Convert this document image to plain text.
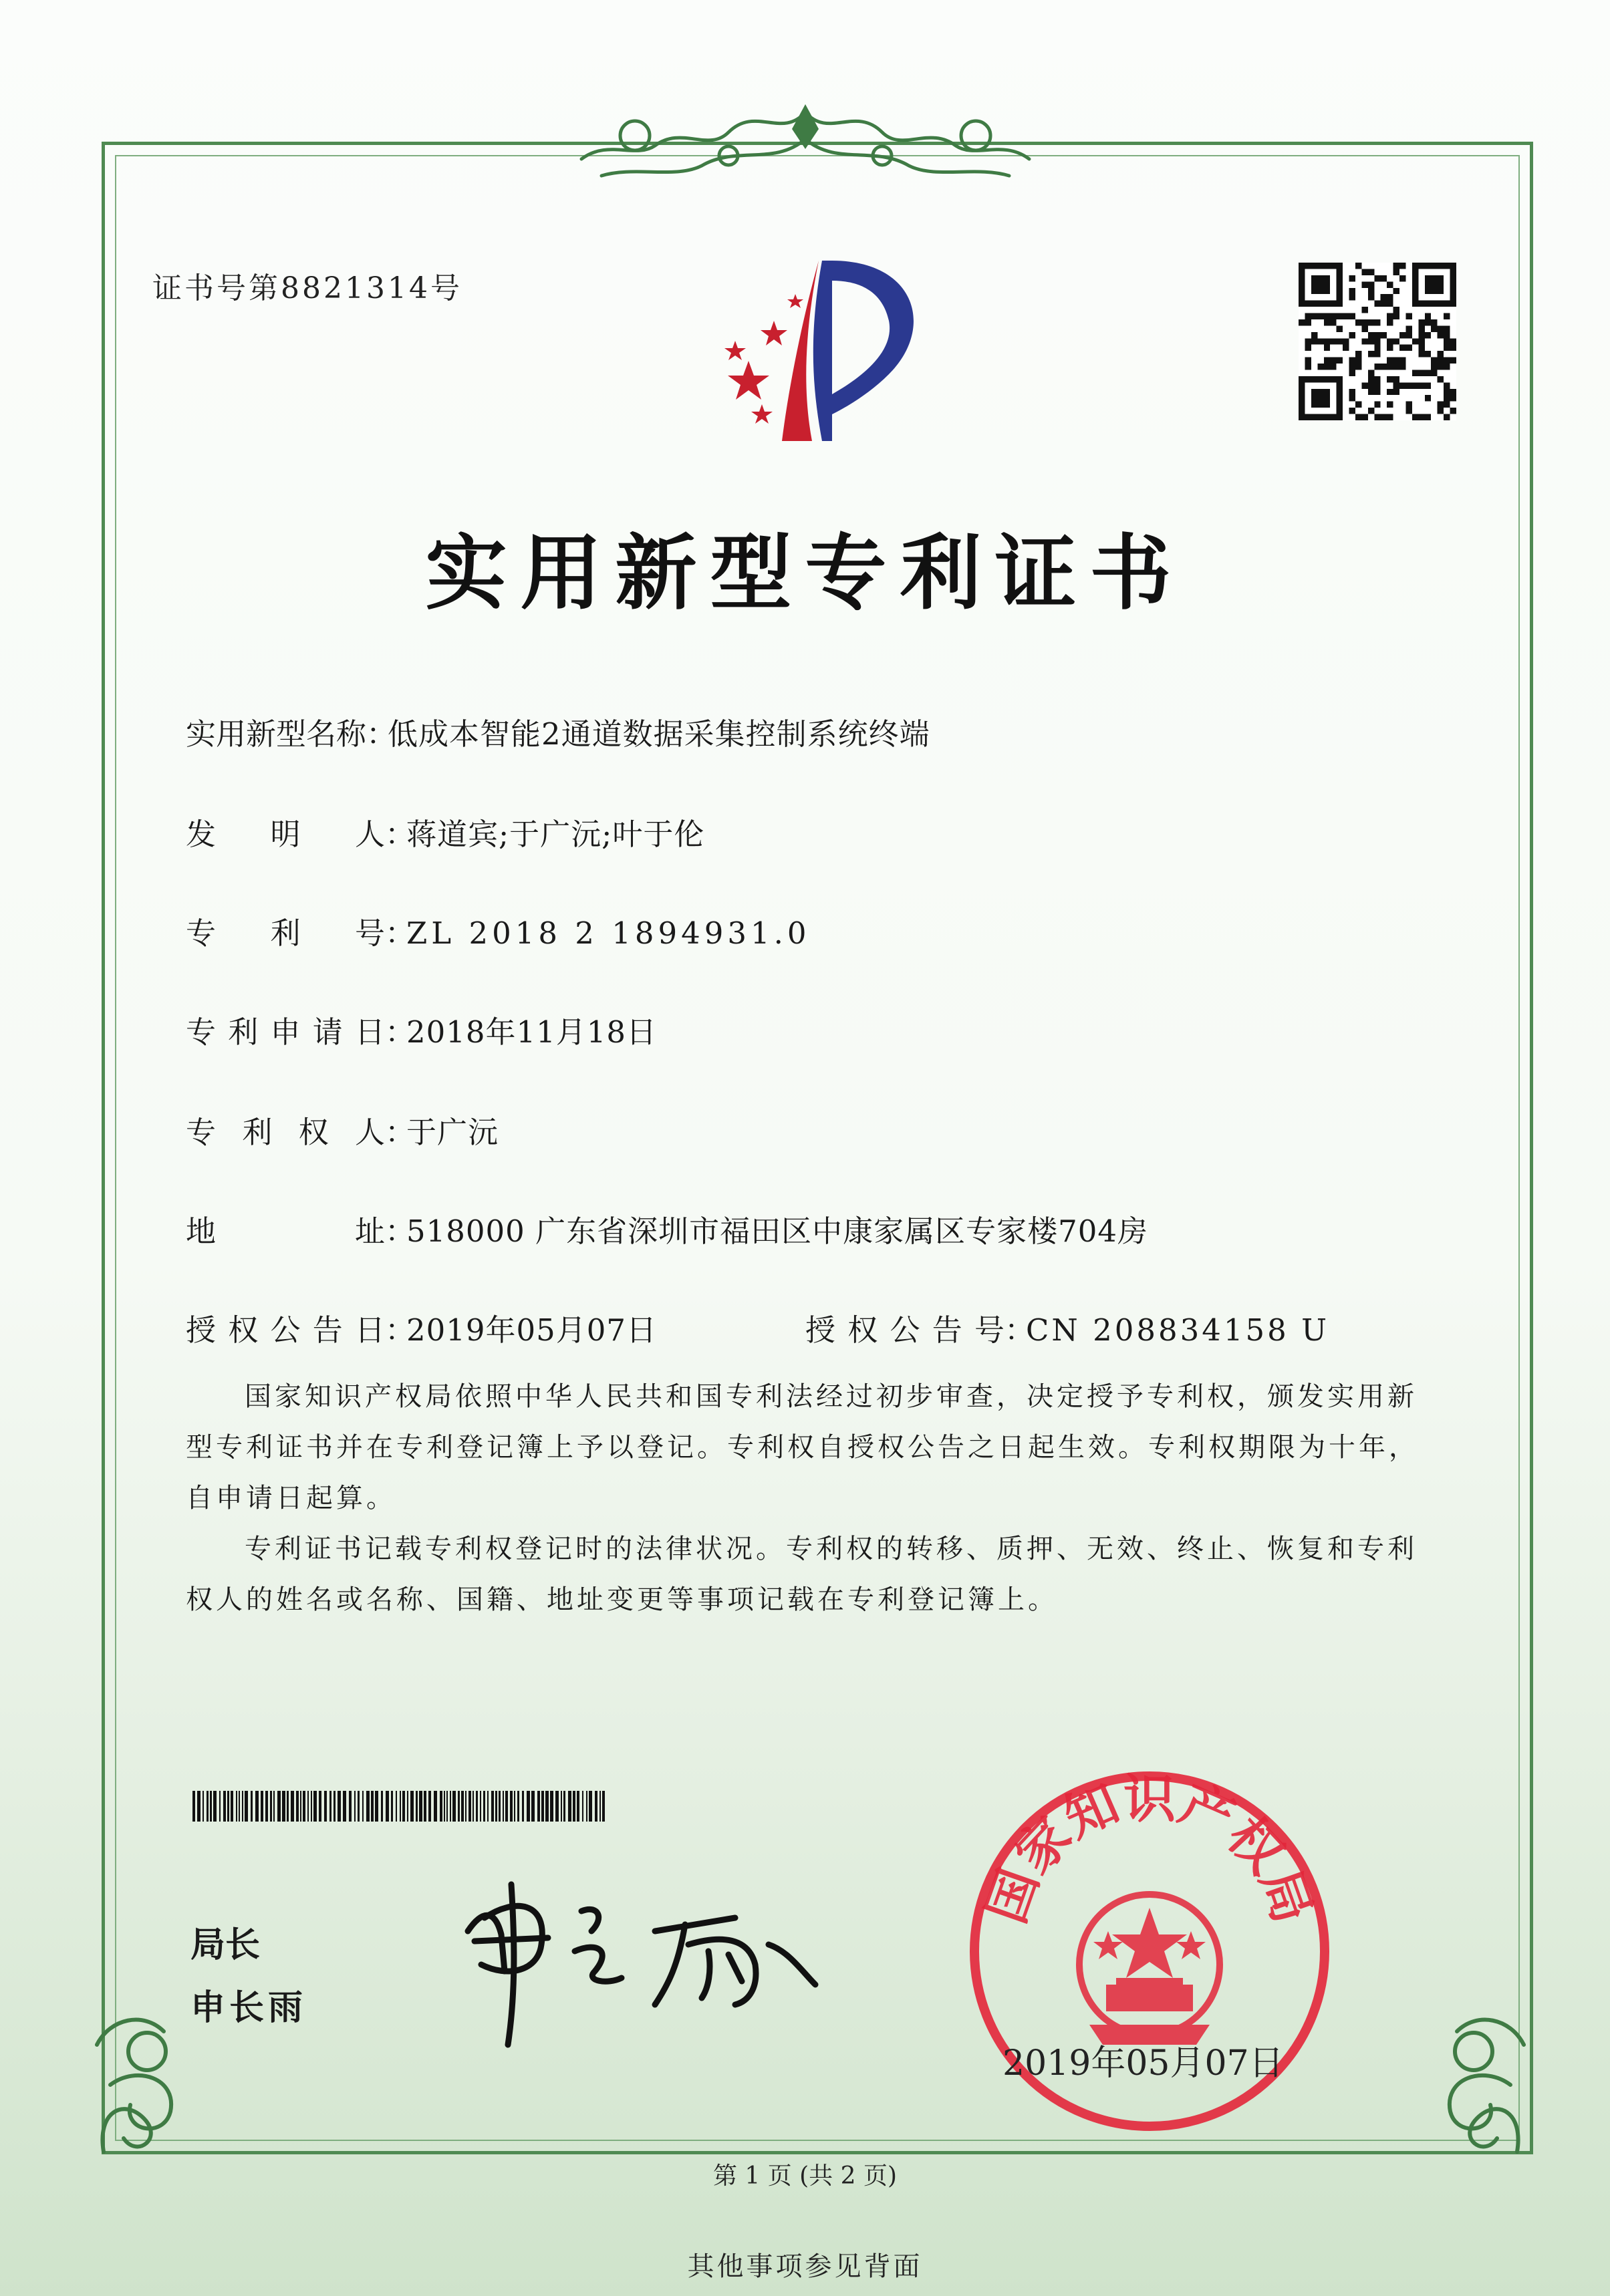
证书号第8821314号
实用新型专利证书
实用新型名称：低成本智能2通道数据采集控制系统终端
发 明 人 ：蒋道宾;于广沅;叶于伦
专 利 号 ：ZL 2018 2 1894931.0
专 利 申 请 日 ：2018年11月18日
专 利 权 人 ：于广沅
地	址 ：518000 广东省深圳市福田区中康家属区专家楼704房
授 权 公 告 日 ：2019年05月07日	授 权 公 告 号 ：CN 208834158 U
国家知识产权局依照中华人民共和国专利法经过初步审查，决定授予专利权，颁发实用新型专利证书并在专利登记簿上予以登记。专利权自授权公告之日起生效。专利权期限为十年，自申请日起算。
专利证书记载专利权登记时的法律状况。专利权的转移、质押、无效、终止、恢复和专利权人的姓名或名称、国籍、地址变更等事项记载在专利登记簿上。
局长
申长雨
国家知识产权局
2019年05月07日
第 1 页 (共 2 页)
其他事项参见背面
